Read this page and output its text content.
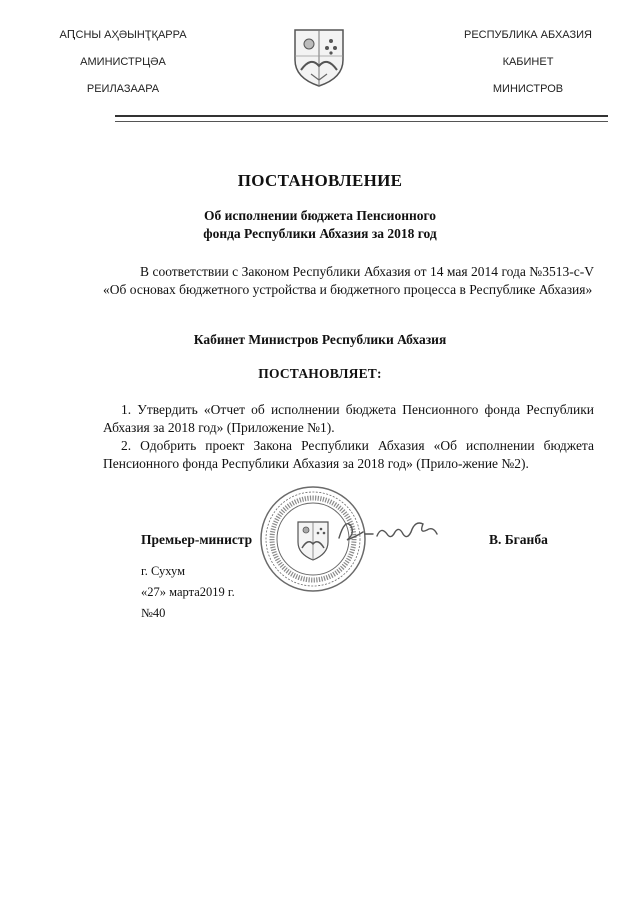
АԤСНЫ АҲӘЫНҬҚАРРА
АМИНИСТРЦӘА
РЕИЛАЗААРА
РЕСПУБЛИКА АБХАЗИЯ
КАБИНЕТ
МИНИСТРОВ
ПОСТАНОВЛЕНИЕ
Об исполнении бюджета Пенсионного
фонда Республики Абхазия за 2018 год
В соответствии с Законом Республики Абхазия от 14 мая 2014 года №3513-с-V «Об основах бюджетного устройства и бюджетного процесса в Республике Абхазия»
Кабинет Министров Республики Абхазия
ПОСТАНОВЛЯЕТ:
1. Утвердить «Отчет об исполнении бюджета Пенсионного фонда Республики Абхазия за 2018 год» (Приложение №1).
2. Одобрить проект Закона Республики Абхазия «Об исполнении бюджета Пенсионного фонда Республики Абхазия за 2018 год» (Прило-жение №2).
Премьер-министр	В. Бганба
г. Сухум
«27» марта2019 г.
№40
